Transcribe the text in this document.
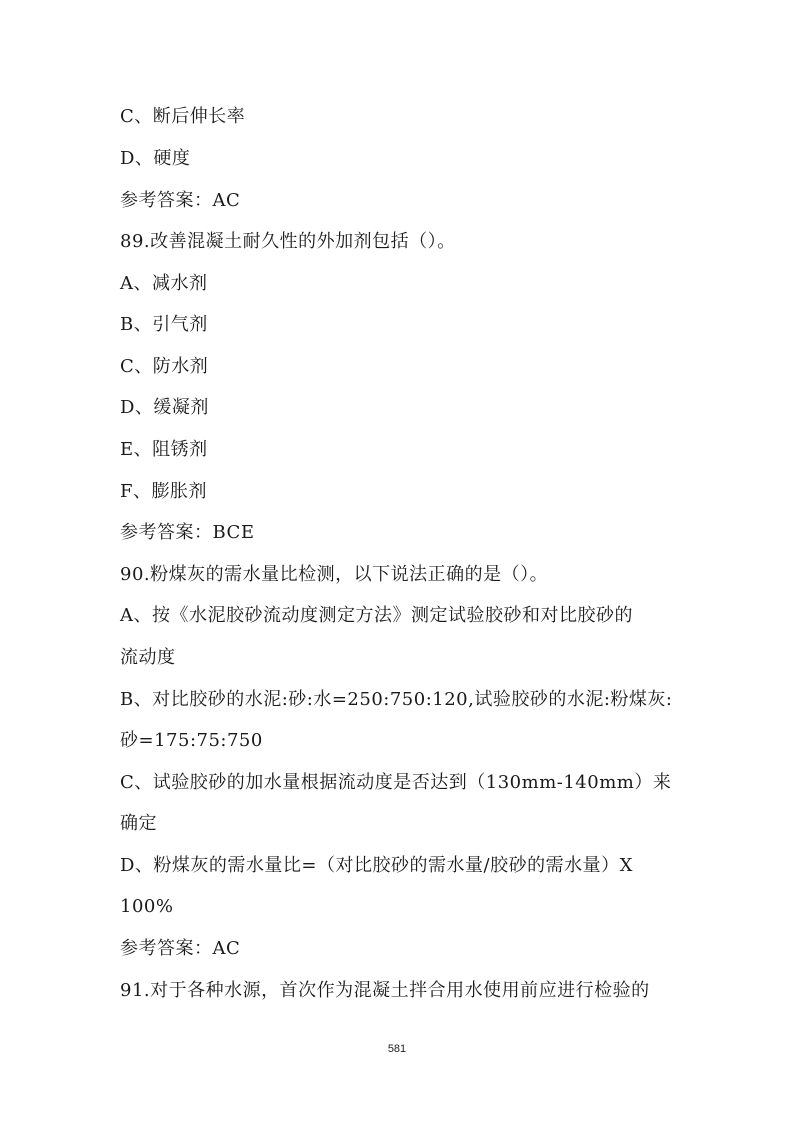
C、断后伸长率
D、硬度
参考答案：AC
89.改善混凝土耐久性的外加剂包括（）。
A、减水剂
B、引气剂
C、防水剂
D、缓凝剂
E、阻锈剂
F、膨胀剂
参考答案：BCE
90.粉煤灰的需水量比检测，以下说法正确的是（）。
A、按《水泥胶砂流动度测定方法》测定试验胶砂和对比胶砂的
流动度
B、对比胶砂的水泥:砂:水=250:750:120,试验胶砂的水泥:粉煤灰:
砂=175:75:750
C、试验胶砂的加水量根据流动度是否达到（130mm-140mm）来
确定
D、粉煤灰的需水量比=（对比胶砂的需水量/胶砂的需水量）X
100%
参考答案：AC
91.对于各种水源，首次作为混凝土拌合用水使用前应进行检验的
581
